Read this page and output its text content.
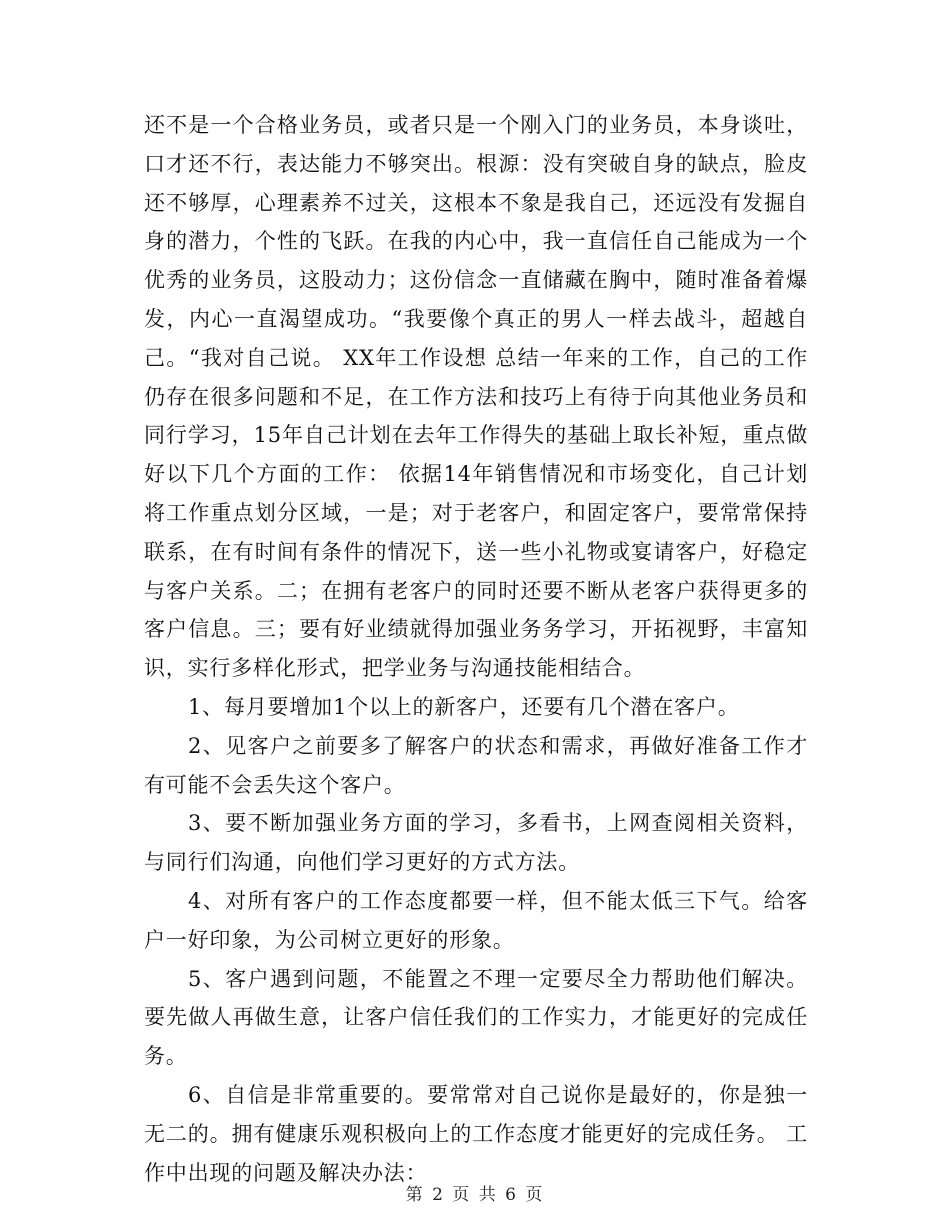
还不是一个合格业务员，或者只是一个刚入门的业务员，本身谈吐，口才还不行，表达能力不够突出。根源：没有突破自身的缺点，脸皮还不够厚，心理素养不过关，这根本不象是我自己，还远没有发掘自身的潜力，个性的飞跃。在我的内心中，我一直信任自己能成为一个优秀的业务员，这股动力；这份信念一直储藏在胸中，随时准备着爆发，内心一直渴望成功。“我要像个真正的男人一样去战斗，超越自己。“我对自己说。 XX年工作设想 总结一年来的工作，自己的工作仍存在很多问题和不足，在工作方法和技巧上有待于向其他业务员和同行学习，15年自己计划在去年工作得失的基础上取长补短，重点做好以下几个方面的工作： 依据14年销售情况和市场变化，自己计划将工作重点划分区域，一是；对于老客户，和固定客户，要常常保持联系，在有时间有条件的情况下，送一些小礼物或宴请客户，好稳定与客户关系。二；在拥有老客户的同时还要不断从老客户获得更多的客户信息。三；要有好业绩就得加强业务务学习，开拓视野，丰富知识，实行多样化形式，把学业务与沟通技能相结合。

1、每月要增加1个以上的新客户，还要有几个潜在客户。

2、见客户之前要多了解客户的状态和需求，再做好准备工作才有可能不会丢失这个客户。

3、要不断加强业务方面的学习，多看书，上网查阅相关资料，与同行们沟通，向他们学习更好的方式方法。

4、对所有客户的工作态度都要一样，但不能太低三下气。给客户一好印象，为公司树立更好的形象。

5、客户遇到问题，不能置之不理一定要尽全力帮助他们解决。要先做人再做生意，让客户信任我们的工作实力，才能更好的完成任务。

6、自信是非常重要的。要常常对自己说你是最好的，你是独一无二的。拥有健康乐观积极向上的工作态度才能更好的完成任务。 工作中出现的问题及解决办法：

第 2 页 共 6 页
